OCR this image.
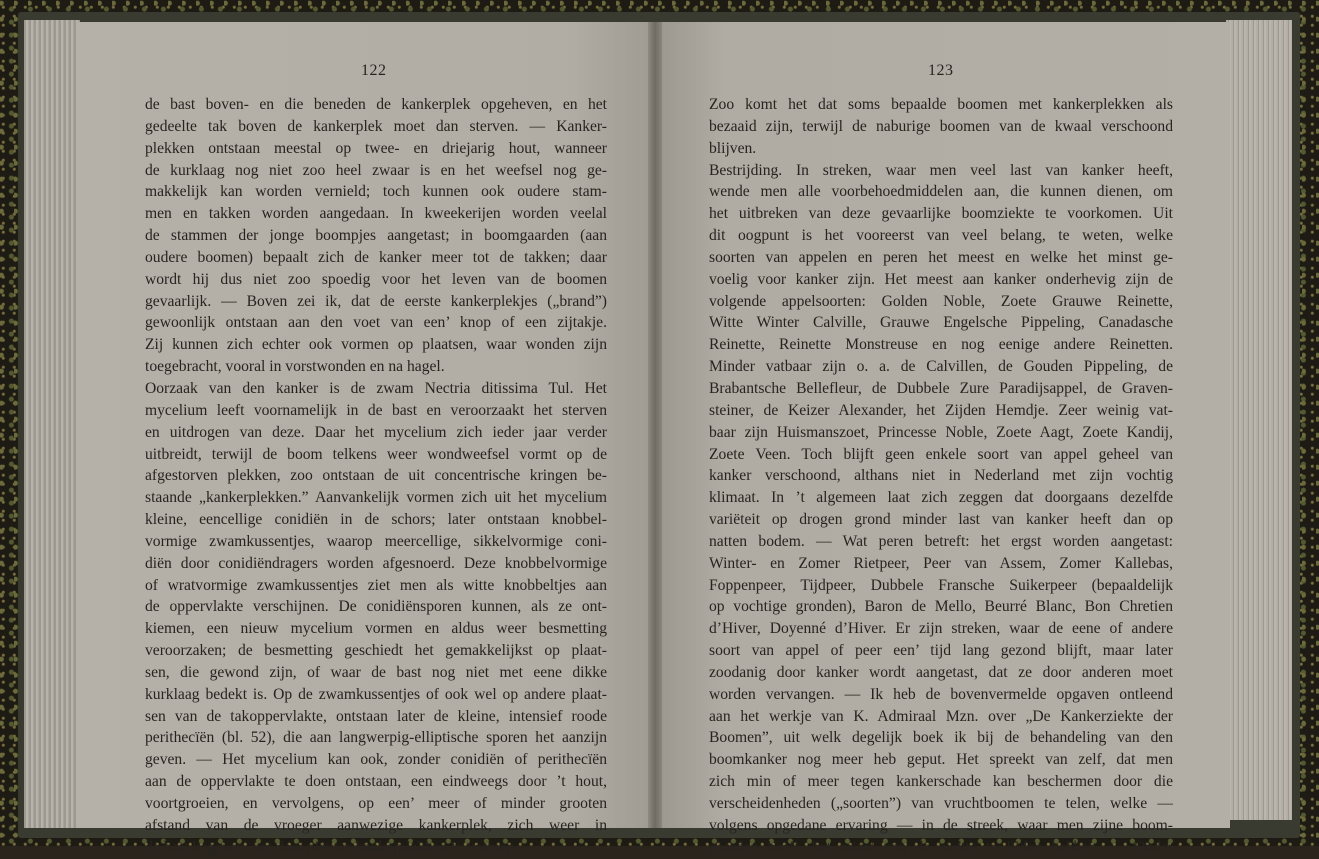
122
de bast boven- en die beneden de kankerplek opgeheven, en het
gedeelte tak boven de kankerplek moet dan sterven. — Kanker-
plekken ontstaan meestal op twee- en driejarig hout, wanneer
de kurklaag nog niet zoo heel zwaar is en het weefsel nog ge-
makkelijk kan worden vernield; toch kunnen ook oudere stam-
men en takken worden aangedaan. In kweekerijen worden veelal
de stammen der jonge boompjes aangetast; in boomgaarden (aan
oudere boomen) bepaalt zich de kanker meer tot de takken; daar
wordt hij dus niet zoo spoedig voor het leven van de boomen
gevaarlijk. — Boven zei ik, dat de eerste kankerplekjes („brand”)
gewoonlijk ontstaan aan den voet van een’ knop of een zijtakje.
Zij kunnen zich echter ook vormen op plaatsen, waar wonden zijn
toegebracht, vooral in vorstwonden en na hagel.
Oorzaak van den kanker is de zwam Nectria ditissima Tul. Het
mycelium leeft voornamelijk in de bast en veroorzaakt het sterven
en uitdrogen van deze. Daar het mycelium zich ieder jaar verder
uitbreidt, terwijl de boom telkens weer wondweefsel vormt op de
afgestorven plekken, zoo ontstaan de uit concentrische kringen be-
staande „kankerplekken.” Aanvankelijk vormen zich uit het mycelium
kleine, eencellige conidiën in de schors; later ontstaan knobbel-
vormige zwamkussentjes, waarop meercellige, sikkelvormige coni-
diën door conidiëndragers worden afgesnoerd. Deze knobbelvormige
of wratvormige zwamkussentjes ziet men als witte knobbeltjes aan
de oppervlakte verschijnen. De conidiënsporen kunnen, als ze ont-
kiemen, een nieuw mycelium vormen en aldus weer besmetting
veroorzaken; de besmetting geschiedt het gemakkelijkst op plaat-
sen, die gewond zijn, of waar de bast nog niet met eene dikke
kurklaag bedekt is. Op de zwamkussentjes of ook wel op andere plaat-
sen van de takoppervlakte, ontstaan later de kleine, intensief roode
perithecïën (bl. 52), die aan langwerpig-elliptische sporen het aanzijn
geven. — Het mycelium kan ook, zonder conidiën of perithecïën
aan de oppervlakte te doen ontstaan, een eindweegs door ’t hout,
voortgroeien, en vervolgens, op een’ meer of minder grooten
afstand van de vroeger aanwezige kankerplek, zich weer in
de bast begeven, om daar nieuwe kankerplekken te vormen.
123
Zoo komt het dat soms bepaalde boomen met kankerplekken als
bezaaid zijn, terwijl de naburige boomen van de kwaal verschoond
blijven.
Bestrijding. In streken, waar men veel last van kanker heeft,
wende men alle voorbehoedmiddelen aan, die kunnen dienen, om
het uitbreken van deze gevaarlijke boomziekte te voorkomen. Uit
dit oogpunt is het vooreerst van veel belang, te weten, welke
soorten van appelen en peren het meest en welke het minst ge-
voelig voor kanker zijn. Het meest aan kanker onderhevig zijn de
volgende appelsoorten: Golden Noble, Zoete Grauwe Reinette,
Witte Winter Calville, Grauwe Engelsche Pippeling, Canadasche
Reinette, Reinette Monstreuse en nog eenige andere Reinetten.
Minder vatbaar zijn o. a. de Calvillen, de Gouden Pippeling, de
Brabantsche Bellefleur, de Dubbele Zure Paradijsappel, de Graven-
steiner, de Keizer Alexander, het Zijden Hemdje. Zeer weinig vat-
baar zijn Huismanszoet, Princesse Noble, Zoete Aagt, Zoete Kandij,
Zoete Veen. Toch blijft geen enkele soort van appel geheel van
kanker verschoond, althans niet in Nederland met zijn vochtig
klimaat. In ’t algemeen laat zich zeggen dat doorgaans dezelfde
variëteit op drogen grond minder last van kanker heeft dan op
natten bodem. — Wat peren betreft: het ergst worden aangetast:
Winter- en Zomer Rietpeer, Peer van Assem, Zomer Kallebas,
Foppenpeer, Tijdpeer, Dubbele Fransche Suikerpeer (bepaaldelijk
op vochtige gronden), Baron de Mello, Beurré Blanc, Bon Chretien
d’Hiver, Doyenné d’Hiver. Er zijn streken, waar de eene of andere
soort van appel of peer een’ tijd lang gezond blijft, maar later
zoodanig door kanker wordt aangetast, dat ze door anderen moet
worden vervangen. — Ik heb de bovenvermelde opgaven ontleend
aan het werkje van K. Admiraal Mzn. over „De Kankerziekte der
Boomen”, uit welk degelijk boek ik bij de behandeling van den
boomkanker nog meer heb geput. Het spreekt van zelf, dat men
zich min of meer tegen kankerschade kan beschermen door die
verscheidenheden („soorten”) van vruchtboomen te telen, welke —
volgens opgedane ervaring — in de streek, waar men zijne boom-
gaarden heeft, het minst van de ziekte te lijden hebben. — Onder
